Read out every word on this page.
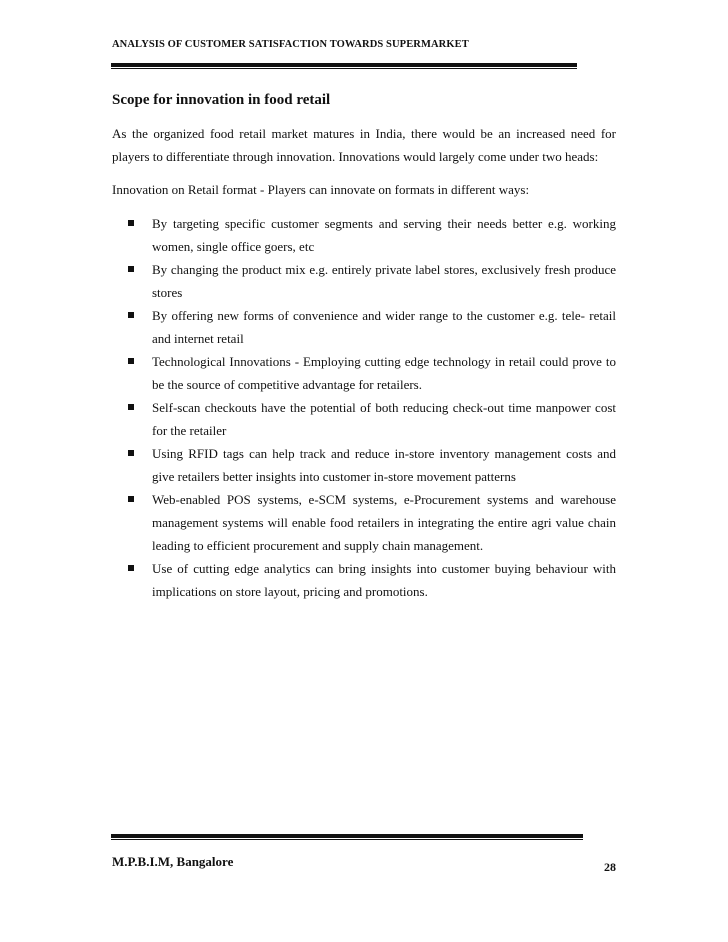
ANALYSIS OF CUSTOMER SATISFACTION TOWARDS SUPERMARKET
Scope for innovation in food retail

As the organized food retail market matures in India, there would be an increased need for players to differentiate through innovation. Innovations would largely come under two heads:

Innovation on Retail format - Players can innovate on formats in different ways:

By targeting specific customer segments and serving their needs better e.g. working women, single office goers, etc
By changing the product mix e.g. entirely private label stores, exclusively fresh produce stores
By offering new forms of convenience and wider range to the customer e.g. tele- retail and internet retail
Technological Innovations - Employing cutting edge technology in retail could prove to be the source of competitive advantage for retailers.
Self-scan checkouts have the potential of both reducing check-out time manpower cost for the retailer
Using RFID tags can help track and reduce in-store inventory management costs and give retailers better insights into customer in-store movement patterns
Web-enabled POS systems, e-SCM systems, e-Procurement systems and warehouse management systems will enable food retailers in integrating the entire agri value chain leading to efficient procurement and supply chain management.
Use of cutting edge analytics can bring insights into customer buying behaviour with implications on store layout, pricing and promotions.
M.P.B.I.M, Bangalore	28
